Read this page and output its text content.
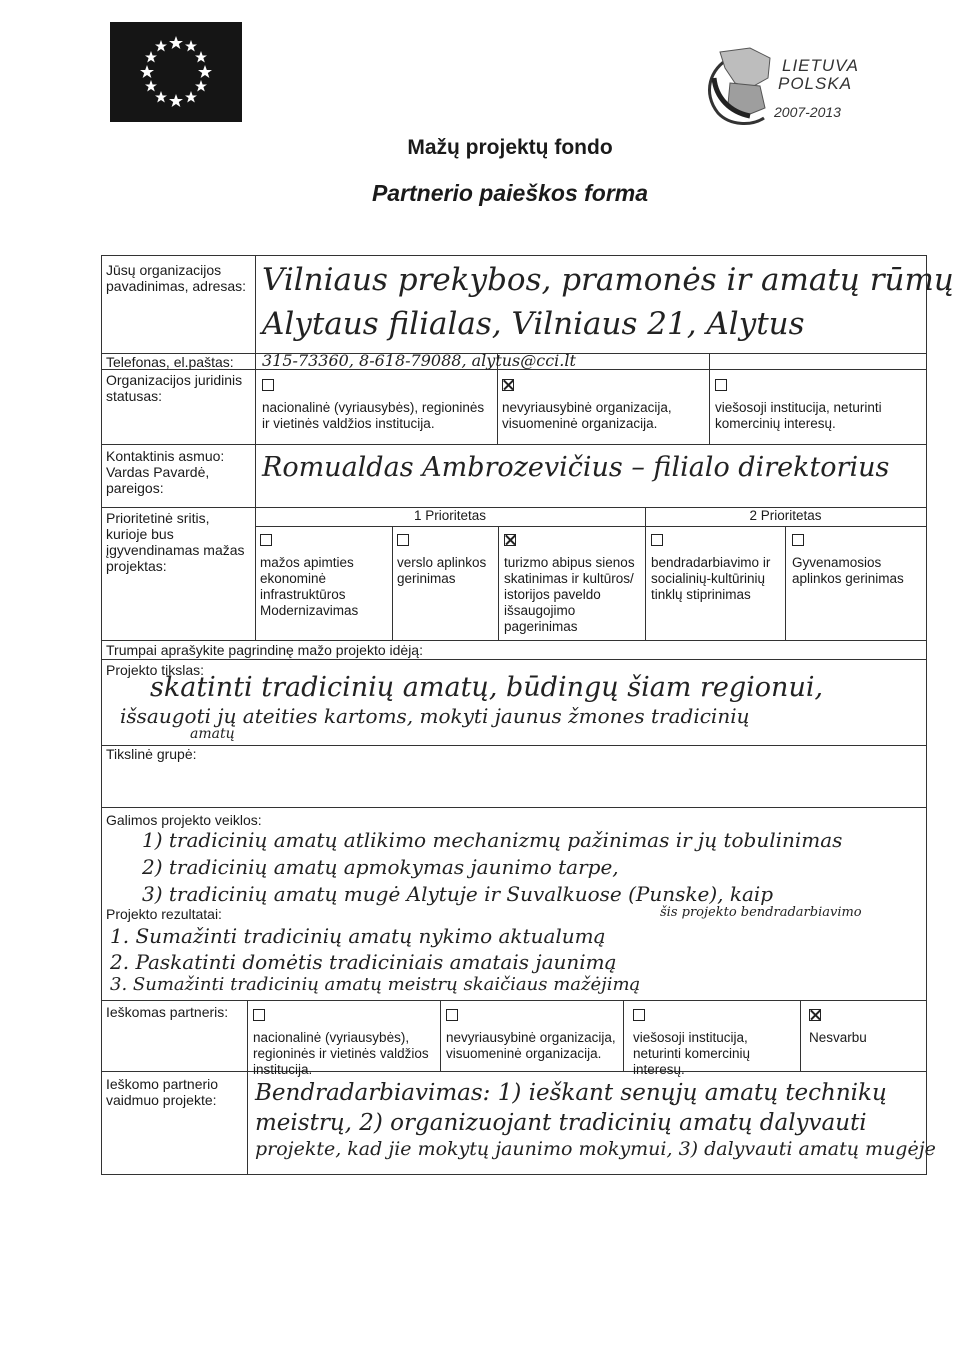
LIETUVA
POLSKA
2007-2013
Mažų projektų fondo
Partnerio paieškos forma
Jūsų organizacijos pavadinimas, adresas: Vilniaus prekybos, pramonės ir amatų rūmų
Alytaus filialas, Vilniaus 21, Alytus
Telefonas, el.paštas: 315-73360, 8-618-79088, alytus@cci.lt
Organizacijos juridinis statusas:
nacionalinė (vyriausybės), regioninės ir vietinės valdžios institucija.
nevyriausybinė organizacija, visuomeninė organizacija.
viešosoji institucija, neturinti komercinių interesų.
Kontaktinis asmuo: Vardas Pavardė, pareigos:
Romualdas Ambrozevičius – filialo direktorius
Prioritetinė sritis, kurioje bus įgyvendinamas mažas projektas:
1 Prioritetas	2 Prioritetas
mažos apimties ekonominė infrastruktūros Modernizavimas
verslo aplinkos gerinimas
turizmo abipus sienos skatinimas ir kultūros/ istorijos paveldo išsaugojimo pagerinimas
bendradarbiavimo ir socialinių-kultūrinių tinklų stiprinimas
Gyvenamosios aplinkos gerinimas
Trumpai aprašykite pagrindinę mažo projekto idėją:
Projekto tikslas:
skatinti tradicinių amatų, būdingų šiam regionui,
išsaugoti jų ateities kartoms, mokyti jaunus žmones tradicinių
amatų
Tikslinė grupė:
Galimos projekto veiklos:
1) tradicinių amatų atlikimo mechanizmų pažinimas ir jų tobulinimas
2) tradicinių amatų apmokymas jaunimo tarpe,
3) tradicinių amatų mugė Alytuje ir Suvalkuose (Punske), kaip
Projekto rezultatai:	šis projekto bendradarbiavimo
1. Sumažinti tradicinių amatų nykimo aktualumą
2. Paskatinti domėtis tradiciniais amatais jaunimą
3. Sumažinti tradicinių amatų meistrų skaičiaus mažėjimą
Ieškomas partneris:
nacionalinė (vyriausybės), regioninės ir vietinės valdžios institucija.
nevyriausybinė organizacija, visuomeninė organizacija.
viešosoji institucija, neturinti komercinių interesų.
Nesvarbu
Ieškomo partnerio vaidmuo projekte:	Bendradarbiavimas: 1) ieškant senųjų amatų technikų
meistrų, 2) organizuojant tradicinių amatų dalyvauti
projekte, kad jie mokytų jaunimo mokymui, 3) dalyvauti amatų mugėje
